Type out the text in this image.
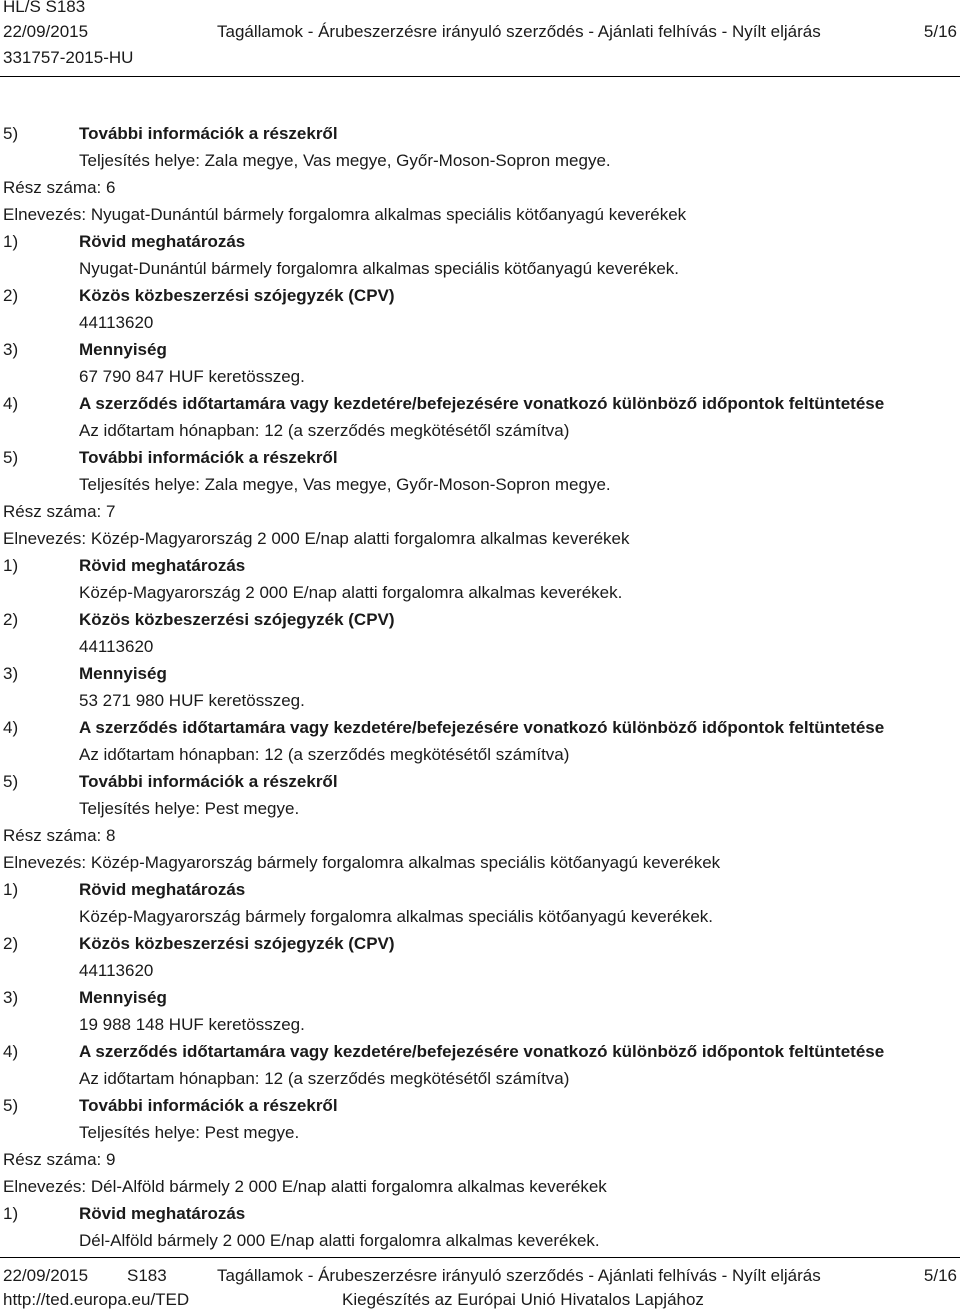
HL/S S183
22/09/2015
331757-2015-HU
Tagállamok - Árubeszerzésre irányuló szerződés - Ajánlati felhívás - Nyílt eljárás	5/16
5)	További információk a részekről
Teljesítés helye: Zala megye, Vas megye, Győr-Moson-Sopron megye.
Rész száma: 6
Elnevezés: Nyugat-Dunántúl bármely forgalomra alkalmas speciális kötőanyagú keverékek
1)	Rövid meghatározás
Nyugat-Dunántúl bármely forgalomra alkalmas speciális kötőanyagú keverékek.
2)	Közös közbeszerzési szójegyzék (CPV)
44113620
3)	Mennyiség
67 790 847 HUF keretösszeg.
4)	A szerződés időtartamára vagy kezdetére/befejezésére vonatkozó különböző időpontok feltüntetése
Az időtartam hónapban: 12 (a szerződés megkötésétől számítva)
5)	További információk a részekről
Teljesítés helye: Zala megye, Vas megye, Győr-Moson-Sopron megye.
Rész száma: 7
Elnevezés: Közép-Magyarország 2 000 E/nap alatti forgalomra alkalmas keverékek
1)	Rövid meghatározás
Közép-Magyarország 2 000 E/nap alatti forgalomra alkalmas keverékek.
2)	Közös közbeszerzési szójegyzék (CPV)
44113620
3)	Mennyiség
53 271 980 HUF keretösszeg.
4)	A szerződés időtartamára vagy kezdetére/befejezésére vonatkozó különböző időpontok feltüntetése
Az időtartam hónapban: 12 (a szerződés megkötésétől számítva)
5)	További információk a részekről
Teljesítés helye: Pest megye.
Rész száma: 8
Elnevezés: Közép-Magyarország bármely forgalomra alkalmas speciális kötőanyagú keverékek
1)	Rövid meghatározás
Közép-Magyarország bármely forgalomra alkalmas speciális kötőanyagú keverékek.
2)	Közös közbeszerzési szójegyzék (CPV)
44113620
3)	Mennyiség
19 988 148 HUF keretösszeg.
4)	A szerződés időtartamára vagy kezdetére/befejezésére vonatkozó különböző időpontok feltüntetése
Az időtartam hónapban: 12 (a szerződés megkötésétől számítva)
5)	További információk a részekről
Teljesítés helye: Pest megye.
Rész száma: 9
Elnevezés: Dél-Alföld bármely 2 000 E/nap alatti forgalomra alkalmas keverékek
1)	Rövid meghatározás
Dél-Alföld bármely 2 000 E/nap alatti forgalomra alkalmas keverékek.
22/09/2015 S183	Tagállamok - Árubeszerzésre irányuló szerződés - Ajánlati felhívás - Nyílt eljárás	5/16
http://ted.europa.eu/TED	Kiegészítés az Európai Unió Hivatalos Lapjához
